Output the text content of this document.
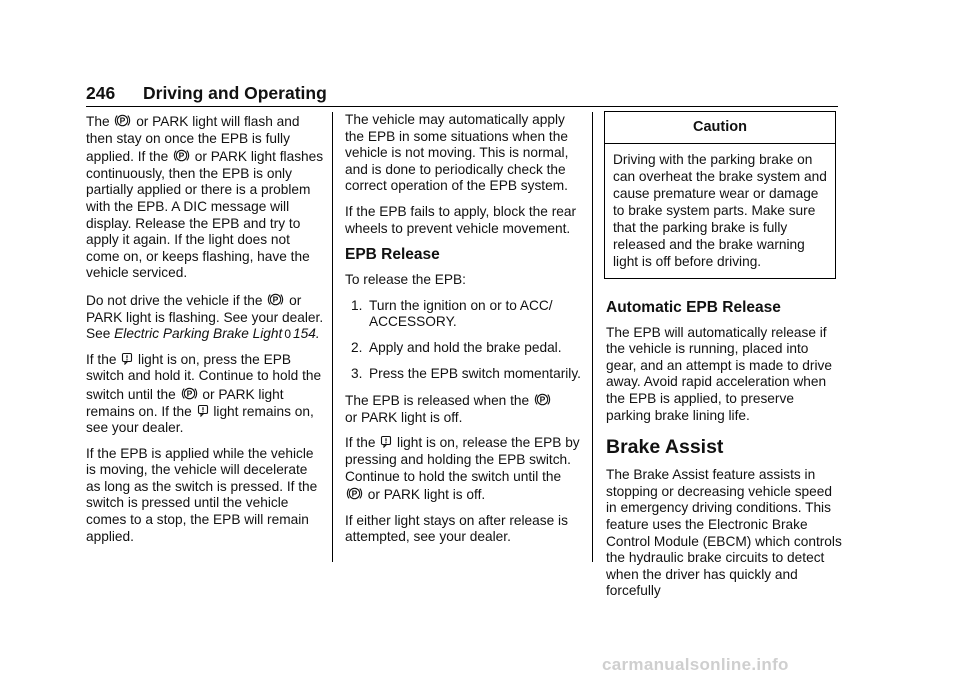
246 Driving and Operating

The P or PARK light will flash and then stay on once the EPB is fully applied. If the P or PARK light flashes continuously, then the EPB is only partially applied or there is a problem with the EPB. A DIC message will display. Release the EPB and try to apply it again. If the light does not come on, or keeps flashing, have the vehicle serviced.

Do not drive the vehicle if the P or PARK light is flashing. See your dealer. See Electric Parking Brake Light 0 154.

If the
light is on, press the EPB switch and hold it. Continue to hold the switch until the P or PARK light remains on. If the
light remains on, see your dealer.

If the EPB is applied while the vehicle is moving, the vehicle will decelerate as long as the switch is pressed. If the switch is pressed until the vehicle comes to a stop, the EPB will remain applied.

The vehicle may automatically apply the EPB in some situations when the vehicle is not moving. This is normal, and is done to periodically check the correct operation of the EPB system.

If the EPB fails to apply, block the rear wheels to prevent vehicle movement.

EPB Release

To release the EPB:

1. Turn the ignition on or to ACC/ ACCESSORY.
2. Apply and hold the brake pedal.
3. Press the EPB switch momentarily.

The EPB is released when the P

or PARK light is off.

If the
light is on, release the EPB by pressing and holding the EPB switch. Continue to hold the switch until the
P or PARK light is off.

If either light stays on after release is attempted, see your dealer.

Caution
Driving with the parking brake on can overheat the brake system and cause premature wear or damage to brake system parts. Make sure that the parking brake is fully released and the brake warning light is off before driving.
Automatic EPB Release

The EPB will automatically release if the vehicle is running, placed into gear, and an attempt is made to drive away. Avoid rapid acceleration when the EPB is applied, to preserve parking brake lining life.

Brake Assist

The Brake Assist feature assists in stopping or decreasing vehicle speed in emergency driving conditions. This feature uses the Electronic Brake Control Module (EBCM) which controls the hydraulic brake circuits to detect when the driver has quickly and forcefully

carmanualsonline.info
